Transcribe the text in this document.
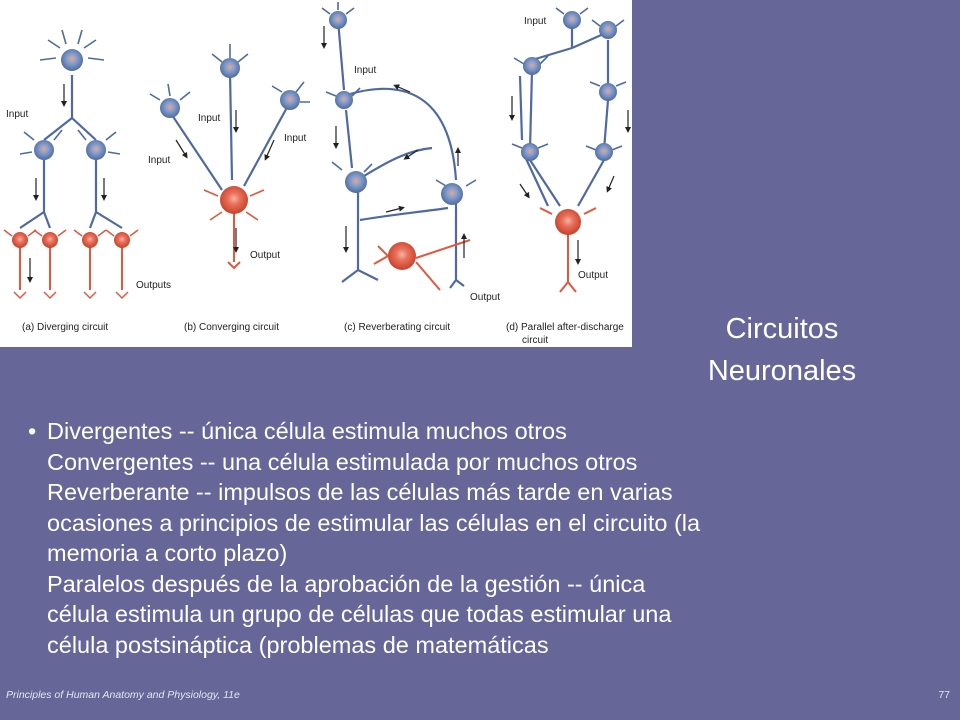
Input
Outputs
Input
Input
Input
Output
Input
Output
Input
Output
(a) Diverging circuit	(b) Converging circuit	(c) Reverberating circuit	(d) Parallel after-discharge
circuit	Circuitos
Neuronales
• Divergentes -- única célula estimula muchos otros
Convergentes -- una célula estimulada por muchos otros
Reverberante -- impulsos de las células más tarde en varias
ocasiones a principios de estimular las células en el circuito (la
memoria a corto plazo)
Paralelos después de la aprobación de la gestión -- única
célula estimula un grupo de células que todas estimular una
célula postsináptica (problemas de matemáticas
Principles of Human Anatomy and Physiology, 11e	77
